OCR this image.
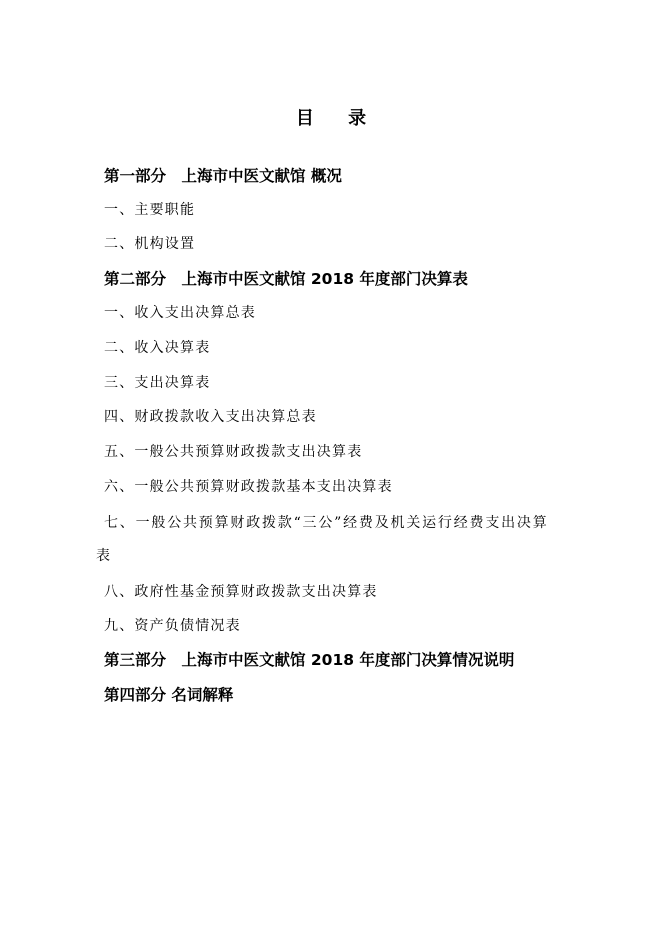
目 录
第一部分　上海市中医文献馆 概况
一、主要职能
二、机构设置
第二部分　上海市中医文献馆 2018 年度部门决算表
一、收入支出决算总表
二、收入决算表
三、支出决算表
四、财政拨款收入支出决算总表
五、一般公共预算财政拨款支出决算表
六、一般公共预算财政拨款基本支出决算表
七、一般公共预算财政拨款“三公”经费及机关运行经费支出决算
表
八、政府性基金预算财政拨款支出决算表
九、资产负债情况表
第三部分　上海市中医文献馆 2018 年度部门决算情况说明
第四部分 名词解释
